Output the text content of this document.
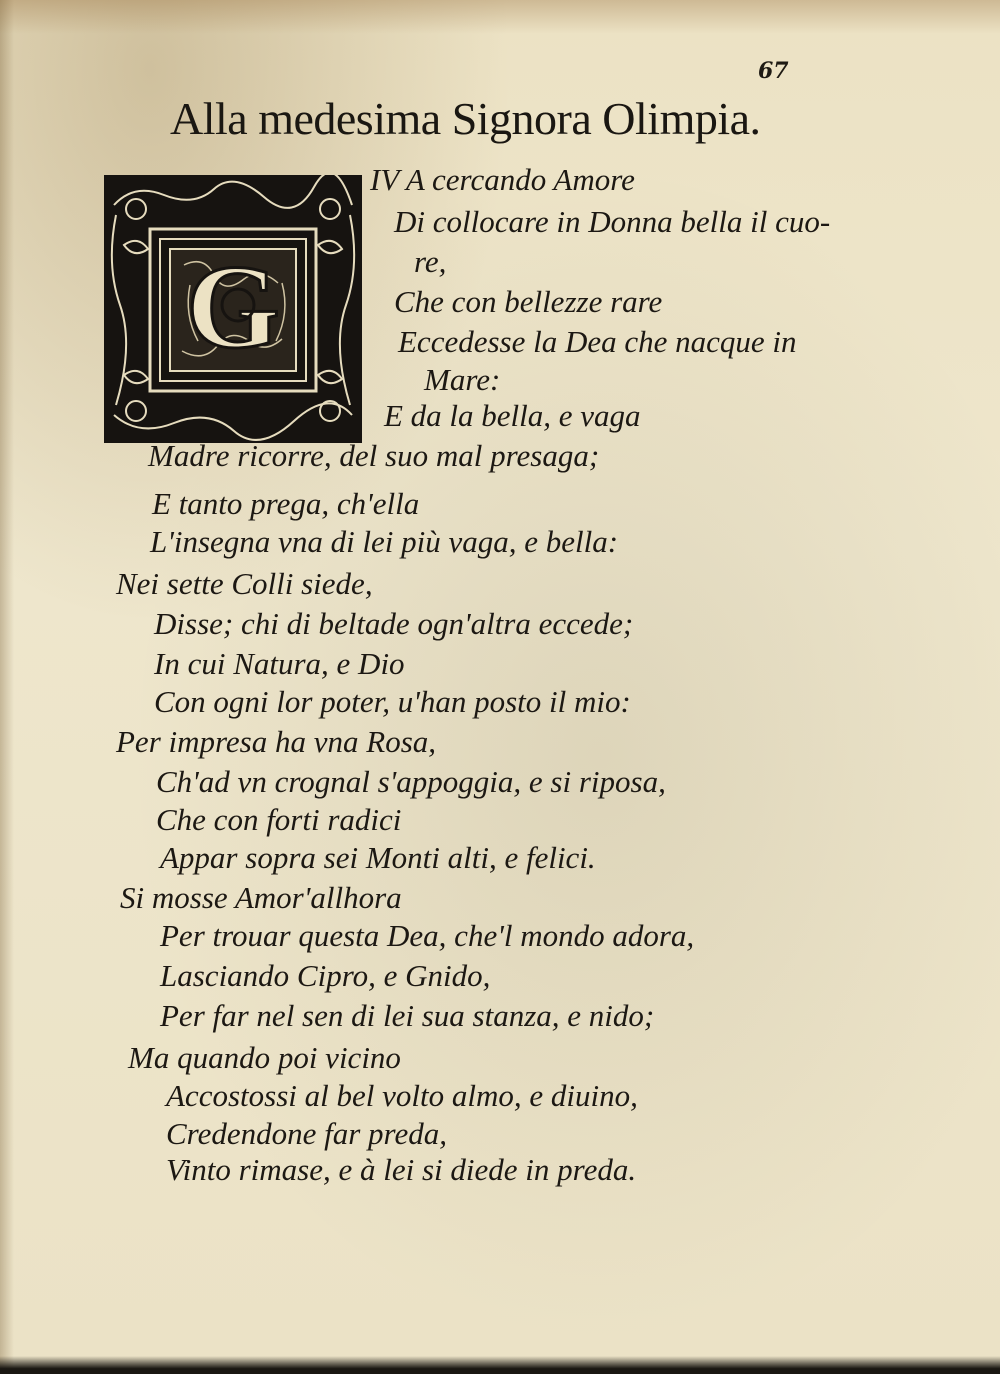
67
Alla medesima Signora Olimpia.
G

IV A cercando Amore

Di collocare in Donna bella il cuo-

re,

Che con bellezze rare

Eccedesse la Dea che nacque in

Mare:

E da la bella, e vaga

Madre ricorre, del suo mal presaga;

E tanto prega, ch'ella

L'insegna vna di lei più vaga, e bella:

Nei sette Colli siede,

Disse; chi di beltade ogn'altra eccede;

In cui Natura, e Dio

Con ogni lor poter, u'han posto il mio:

Per impresa ha vna Rosa,

Ch'ad vn crognal s'appoggia, e si riposa,

Che con forti radici

Appar sopra sei Monti alti, e felici.

Si mosse Amor'allhora

Per trouar questa Dea, che'l mondo adora,

Lasciando Cipro, e Gnido,

Per far nel sen di lei sua stanza, e nido;

Ma quando poi vicino

Accostossi al bel volto almo, e diuino,

Credendone far preda,

Vinto rimase, e à lei si diede in preda.
